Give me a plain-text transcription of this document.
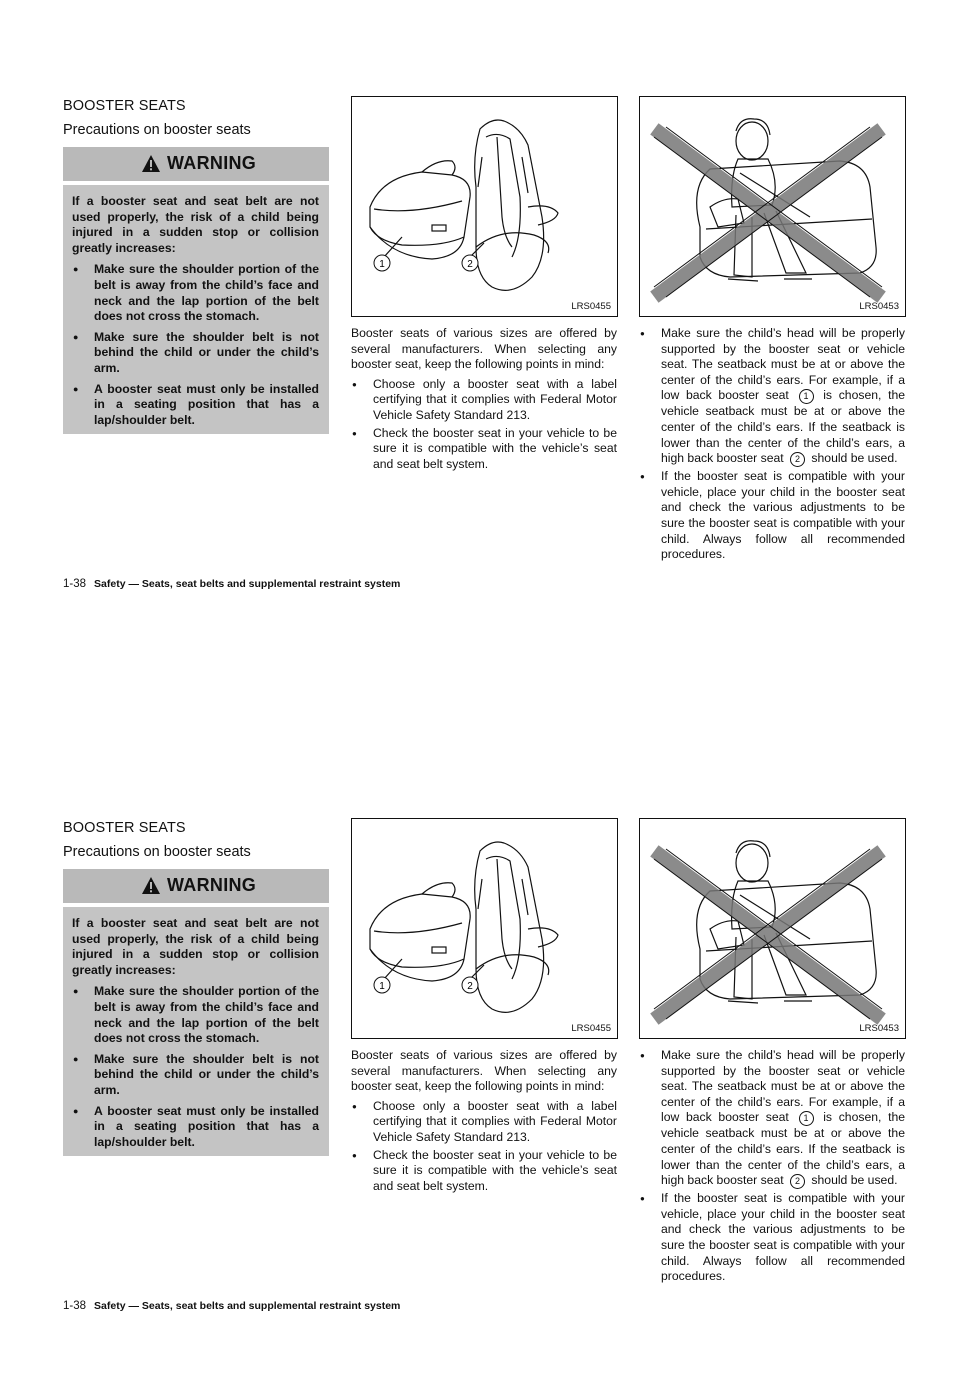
BOOSTER SEATS
Precautions on booster seats
WARNING

If a booster seat and seat belt are not used properly, the risk of a child being injured in a sudden stop or collision greatly increases:

● Make sure the shoulder portion of the belt is away from the child’s face and neck and the lap portion of the belt does not cross the stomach.
● Make sure the shoulder belt is not behind the child or under the child’s arm.
● A booster seat must only be installed in a seating position that has a lap/shoulder belt.
1	2
LRS0455	LRS0453

Booster seats of various sizes are offered by several manufacturers. When selecting any booster seat, keep the following points in mind:

● Choose only a booster seat with a label certifying that it complies with Federal Motor Vehicle Safety Standard 213.
● Check the booster seat in your vehicle to be sure it is compatible with the vehicle’s seat and seat belt system.
● Make sure the child’s head will be properly supported by the booster seat or vehicle seat. The seatback must be at or above the center of the child’s ears. For example, if a low back booster seat 1 is chosen, the vehicle seatback must be at or above the center of the child’s ears. If the seatback is lower than the center of the child’s ears, a high back booster seat 2 should be used.
● If the booster seat is compatible with your vehicle, place your child in the booster seat and check the various adjustments to be sure the booster seat is compatible with your child. Always follow all recommended procedures.
1-38 Safety — Seats, seat belts and supplemental restraint system
BOOSTER SEATS
Precautions on booster seats
WARNING

If a booster seat and seat belt are not used properly, the risk of a child being injured in a sudden stop or collision greatly increases:

● Make sure the shoulder portion of the belt is away from the child’s face and neck and the lap portion of the belt does not cross the stomach.
● Make sure the shoulder belt is not behind the child or under the child’s arm.
● A booster seat must only be installed in a seating position that has a lap/shoulder belt.
1	2
LRS0455	LRS0453

Booster seats of various sizes are offered by several manufacturers. When selecting any booster seat, keep the following points in mind:

● Choose only a booster seat with a label certifying that it complies with Federal Motor Vehicle Safety Standard 213.
● Check the booster seat in your vehicle to be sure it is compatible with the vehicle’s seat and seat belt system.
● Make sure the child’s head will be properly supported by the booster seat or vehicle seat. The seatback must be at or above the center of the child’s ears. For example, if a low back booster seat 1 is chosen, the vehicle seatback must be at or above the center of the child’s ears. If the seatback is lower than the center of the child’s ears, a high back booster seat 2 should be used.
● If the booster seat is compatible with your vehicle, place your child in the booster seat and check the various adjustments to be sure the booster seat is compatible with your child. Always follow all recommended procedures.
1-38 Safety — Seats, seat belts and supplemental restraint system
